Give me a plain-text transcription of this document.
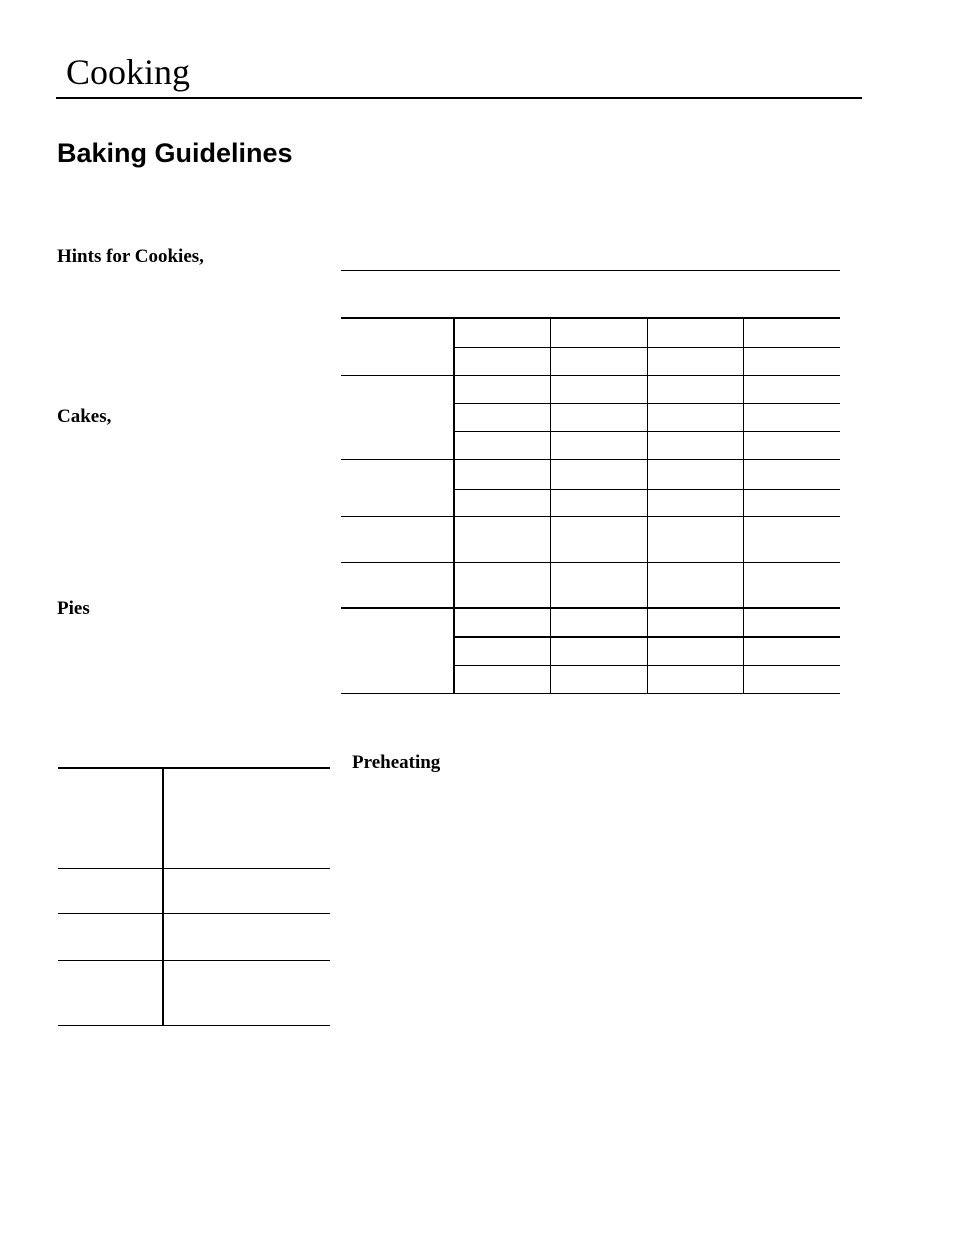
Cooking
Baking Guidelines
Hints for Cookies,
Cakes,
Pies
Preheating
